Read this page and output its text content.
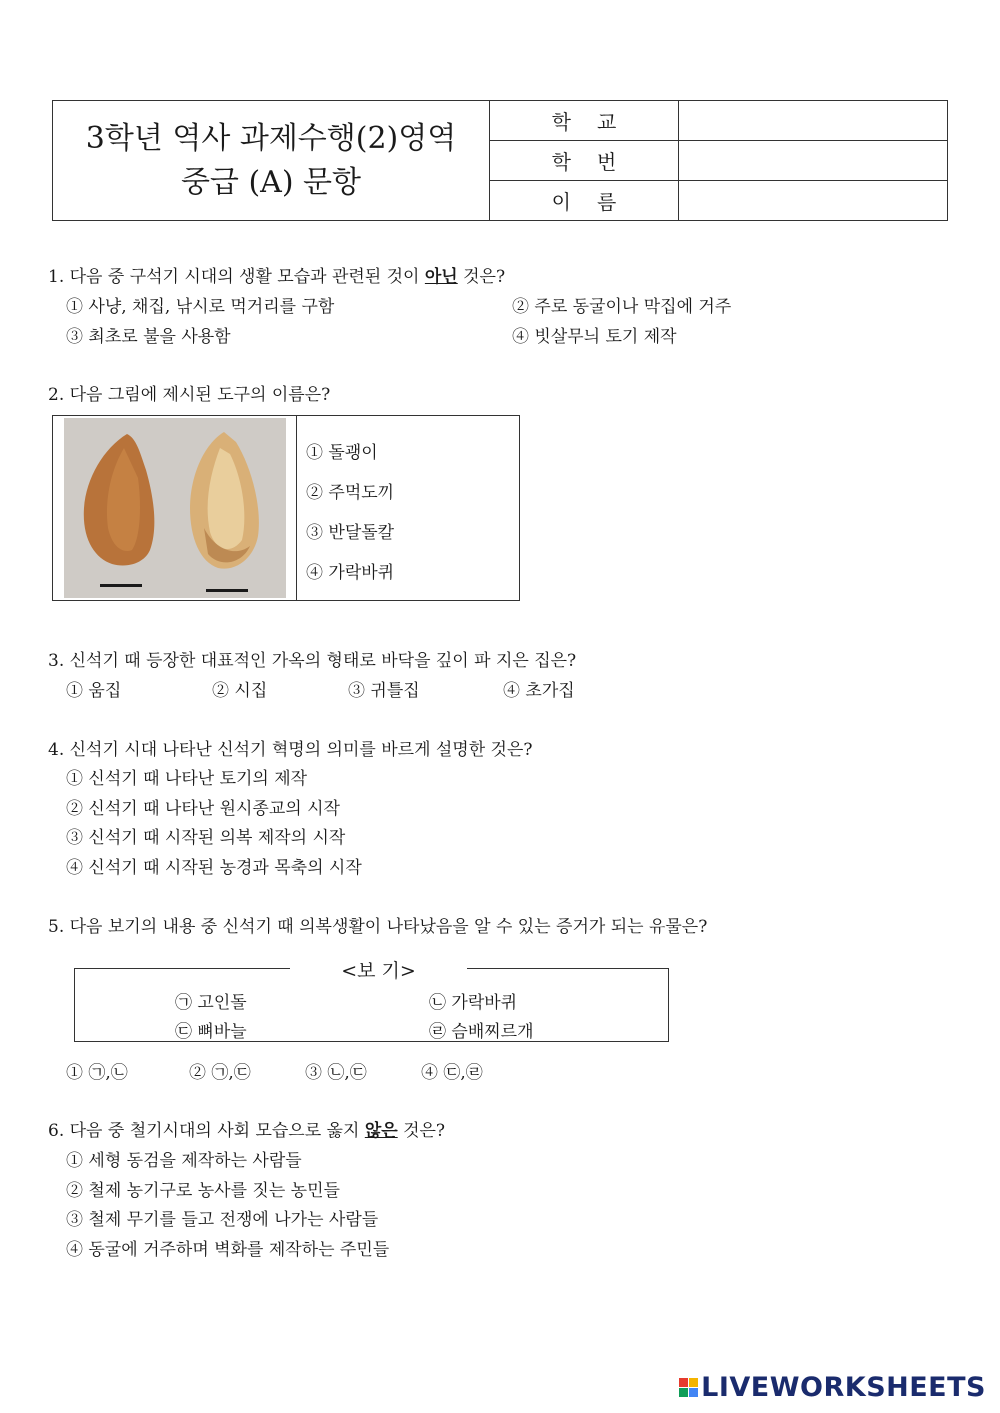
3학년 역사 과제수행(2)영역
중급 (A) 문항
학교
학번
이름
1. 다음 중 구석기 시대의 생활 모습과 관련된 것이 아닌 것은?
① 사냥, 채집, 낚시로 먹거리를 구함	② 주로 동굴이나 막집에 거주
③ 최초로 불을 사용함	④ 빗살무늬 토기 제작
2. 다음 그림에 제시된 도구의 이름은?
① 돌괭이
② 주먹도끼
③ 반달돌칼
④ 가락바퀴
3. 신석기 때 등장한 대표적인 가옥의 형태로 바닥을 깊이 파 지은 집은?
① 움집	② 시집	③ 귀틀집	④ 초가집
4. 신석기 시대 나타난 신석기 혁명의 의미를 바르게 설명한 것은?
① 신석기 때 나타난 토기의 제작
② 신석기 때 나타난 원시종교의 시작
③ 신석기 때 시작된 의복 제작의 시작
④ 신석기 때 시작된 농경과 목축의 시작
5. 다음 보기의 내용 중 신석기 때 의복생활이 나타났음을 알 수 있는 증거가 되는 유물은?
<보 기>
㉠ 고인돌	㉡ 가락바퀴
㉢ 뼈바늘	㉣ 슴배찌르개
① ㉠,㉡	② ㉠,㉢	③ ㉡,㉢	④ ㉢,㉣
6. 다음 중 철기시대의 사회 모습으로 옳지 않은 것은?
① 세형 동검을 제작하는 사람들
② 철제 농기구로 농사를 짓는 농민들
③ 철제 무기를 들고 전쟁에 나가는 사람들
④ 동굴에 거주하며 벽화를 제작하는 주민들
LIVEWORKSHEETS
